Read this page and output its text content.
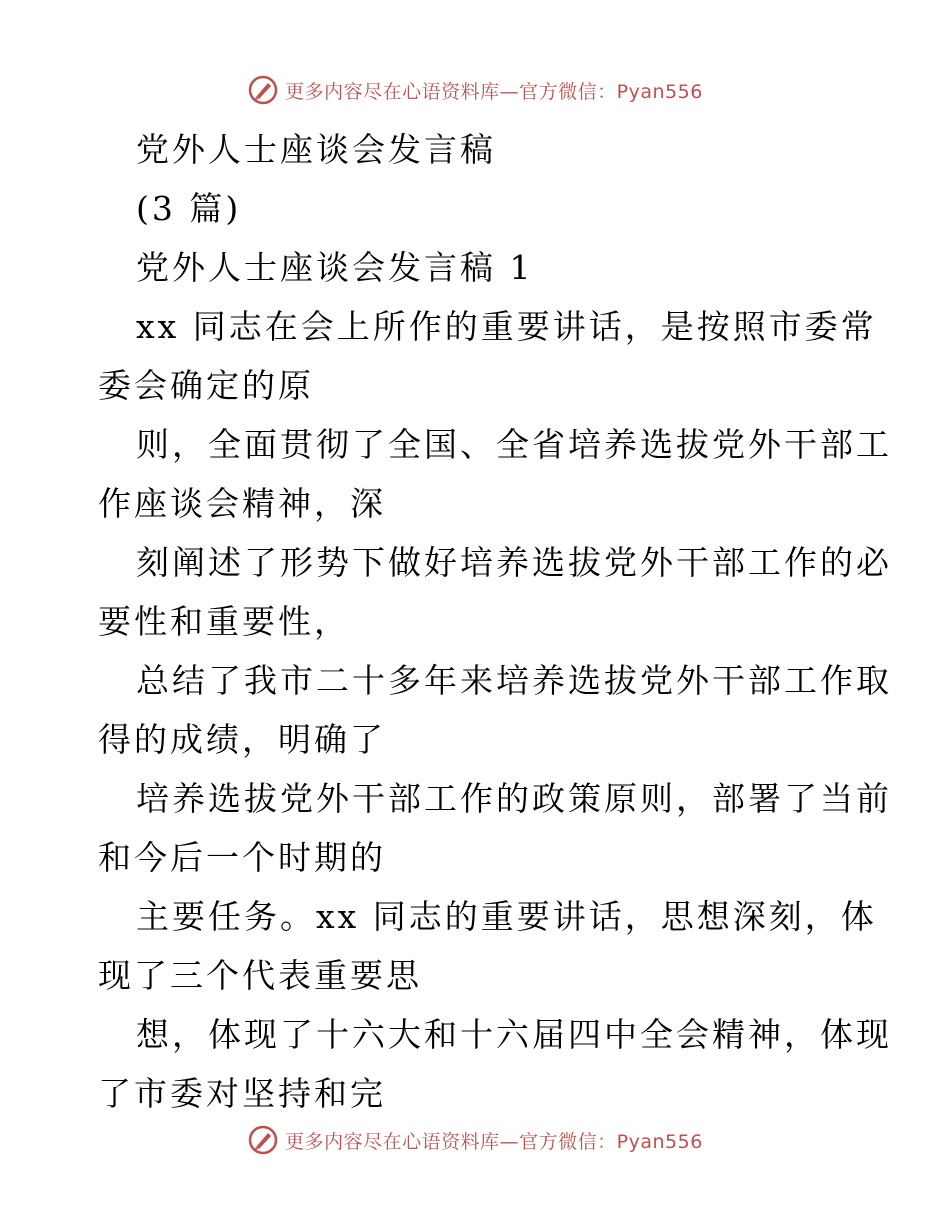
更多内容尽在心语资料库—官方微信：Pyan556
党外人士座谈会发言稿
(3 篇)
党外人士座谈会发言稿 1
xx 同志在会上所作的重要讲话，是按照市委常
委会确定的原
则，全面贯彻了全国、全省培养选拔党外干部工
作座谈会精神，深
刻阐述了形势下做好培养选拔党外干部工作的必
要性和重要性，
总结了我市二十多年来培养选拔党外干部工作取
得的成绩，明确了
培养选拔党外干部工作的政策原则，部署了当前
和今后一个时期的
主要任务。xx 同志的重要讲话，思想深刻，体
现了三个代表重要思
想，体现了十六大和十六届四中全会精神，体现
了市委对坚持和完
更多内容尽在心语资料库—官方微信：Pyan556
